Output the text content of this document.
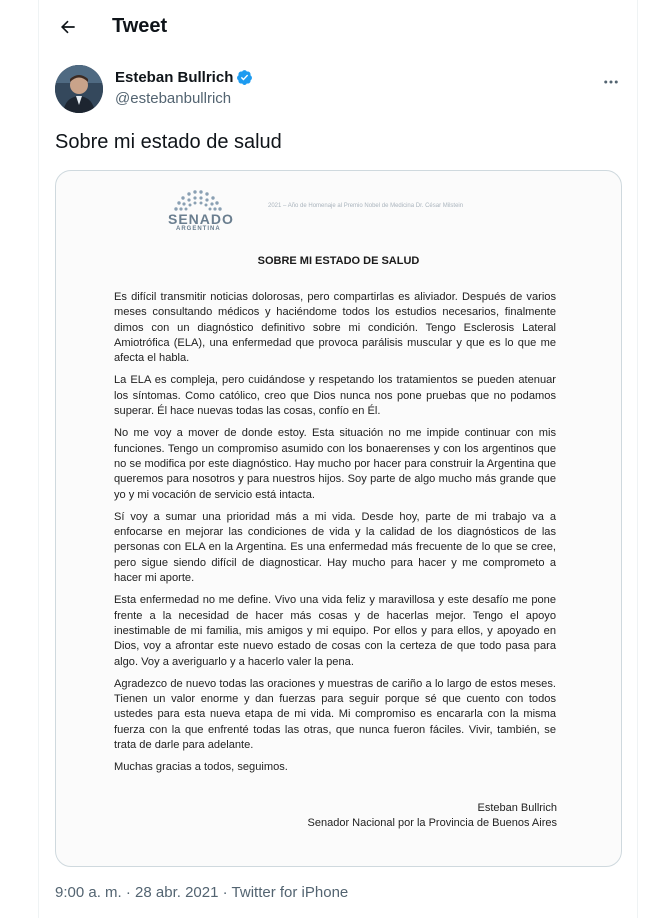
Tweet
Esteban Bullrich
@estebanbullrich
Sobre mi estado de salud
SENADO
ARGENTINA
2021 – Año de Homenaje al Premio Nobel de Medicina Dr. César Milstein
SOBRE MI ESTADO DE SALUD

Es difícil transmitir noticias dolorosas, pero compartirlas es aliviador. Después de varios meses consultando médicos y haciéndome todos los estudios necesarios, finalmente dimos con un diagnóstico definitivo sobre mi condición. Tengo Esclerosis Lateral Amiotrófica (ELA), una enfermedad que provoca parálisis muscular y que es lo que me afecta el habla.

La ELA es compleja, pero cuidándose y respetando los tratamientos se pueden atenuar los síntomas. Como católico, creo que Dios nunca nos pone pruebas que no podamos superar. Él hace nuevas todas las cosas, confío en Él.

No me voy a mover de donde estoy. Esta situación no me impide continuar con mis funciones. Tengo un compromiso asumido con los bonaerenses y con los argentinos que no se modifica por este diagnóstico. Hay mucho por hacer para construir la Argentina que queremos para nosotros y para nuestros hijos. Soy parte de algo mucho más grande que yo y mi vocación de servicio está intacta.

Sí voy a sumar una prioridad más a mi vida. Desde hoy, parte de mi trabajo va a enfocarse en mejorar las condiciones de vida y la calidad de los diagnósticos de las personas con ELA en la Argentina. Es una enfermedad más frecuente de lo que se cree, pero sigue siendo difícil de diagnosticar. Hay mucho para hacer y me comprometo a hacer mi aporte.

Esta enfermedad no me define. Vivo una vida feliz y maravillosa y este desafío me pone frente a la necesidad de hacer más cosas y de hacerlas mejor. Tengo el apoyo inestimable de mi familia, mis amigos y mi equipo. Por ellos y para ellos, y apoyado en Dios, voy a afrontar este nuevo estado de cosas con la certeza de que todo pasa para algo. Voy a averiguarlo y a hacerlo valer la pena.

Agradezco de nuevo todas las oraciones y muestras de cariño a lo largo de estos meses. Tienen un valor enorme y dan fuerzas para seguir porque sé que cuento con todos ustedes para esta nueva etapa de mi vida. Mi compromiso es encararla con la misma fuerza con la que enfrenté todas las otras, que nunca fueron fáciles. Vivir, también, se trata de darle para adelante.

Muchas gracias a todos, seguimos.

Esteban Bullrich
Senador Nacional por la Provincia de Buenos Aires
9:00 a. m. · 28 abr. 2021 · Twitter for iPhone
